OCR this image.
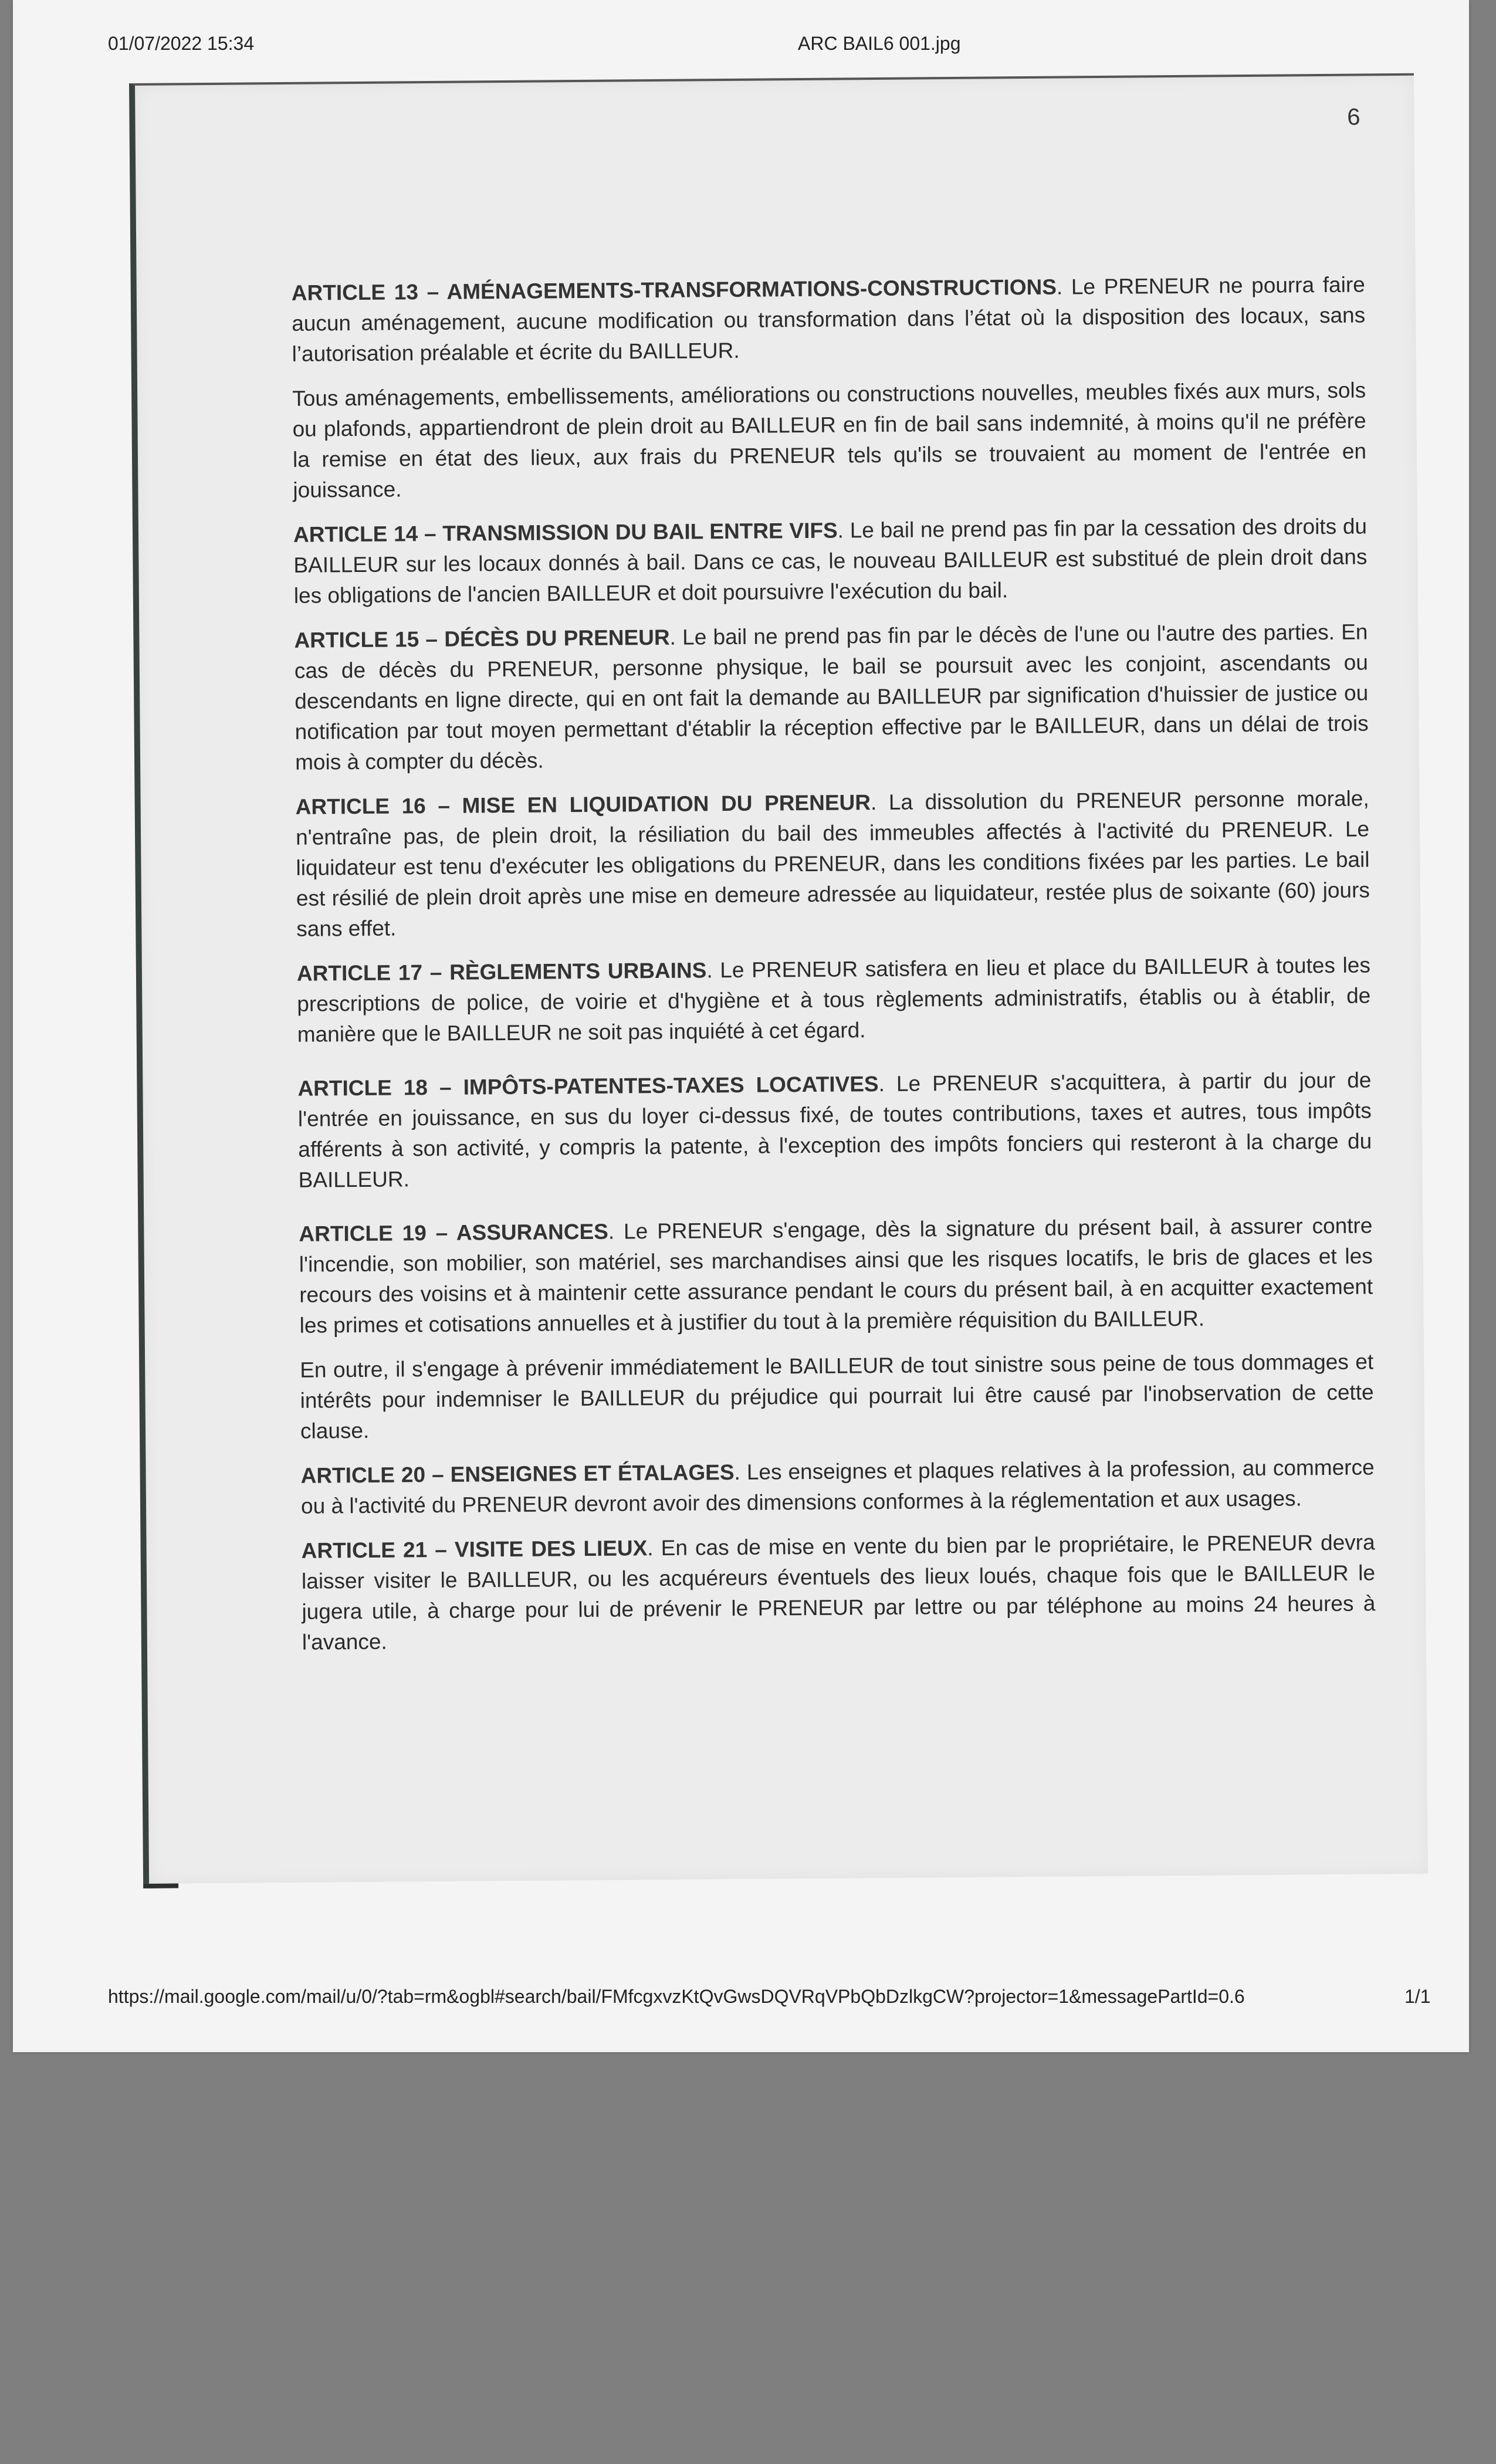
01/07/2022 15:34	ARC BAIL6 001.jpg
6

ARTICLE 13 – AMÉNAGEMENTS-TRANSFORMATIONS-CONSTRUCTIONS. Le PRENEUR ne pourra faire aucun aménagement, aucune modification ou transformation dans l’état où la disposition des locaux, sans l’autorisation préalable et écrite du BAILLEUR.

Tous aménagements, embellissements, améliorations ou constructions nouvelles, meubles fixés aux murs, sols ou plafonds, appartiendront de plein droit au BAILLEUR en fin de bail sans indemnité, à moins qu'il ne préfère la remise en état des lieux, aux frais du PRENEUR tels qu'ils se trouvaient au moment de l'entrée en jouissance.

ARTICLE 14 – TRANSMISSION DU BAIL ENTRE VIFS. Le bail ne prend pas fin par la cessation des droits du BAILLEUR sur les locaux donnés à bail. Dans ce cas, le nouveau BAILLEUR est substitué de plein droit dans les obligations de l'ancien BAILLEUR et doit poursuivre l'exécution du bail.

ARTICLE 15 – DÉCÈS DU PRENEUR. Le bail ne prend pas fin par le décès de l'une ou l'autre des parties. En cas de décès du PRENEUR, personne physique, le bail se poursuit avec les conjoint, ascendants ou descendants en ligne directe, qui en ont fait la demande au BAILLEUR par signification d'huissier de justice ou notification par tout moyen permettant d'établir la réception effective par le BAILLEUR, dans un délai de trois mois à compter du décès.

ARTICLE 16 – MISE EN LIQUIDATION DU PRENEUR. La dissolution du PRENEUR personne morale, n'entraîne pas, de plein droit, la résiliation du bail des immeubles affectés à l'activité du PRENEUR. Le liquidateur est tenu d'exécuter les obligations du PRENEUR, dans les conditions fixées par les parties. Le bail est résilié de plein droit après une mise en demeure adressée au liquidateur, restée plus de soixante (60) jours sans effet.

ARTICLE 17 – RÈGLEMENTS URBAINS. Le PRENEUR satisfera en lieu et place du BAILLEUR à toutes les prescriptions de police, de voirie et d'hygiène et à tous règlements administratifs, établis ou à établir, de manière que le BAILLEUR ne soit pas inquiété à cet égard.

ARTICLE 18 – IMPÔTS-PATENTES-TAXES LOCATIVES. Le PRENEUR s'acquittera, à partir du jour de l'entrée en jouissance, en sus du loyer ci-dessus fixé, de toutes contributions, taxes et autres, tous impôts afférents à son activité, y compris la patente, à l'exception des impôts fonciers qui resteront à la charge du BAILLEUR.

ARTICLE 19 – ASSURANCES. Le PRENEUR s'engage, dès la signature du présent bail, à assurer contre l'incendie, son mobilier, son matériel, ses marchandises ainsi que les risques locatifs, le bris de glaces et les recours des voisins et à maintenir cette assurance pendant le cours du présent bail, à en acquitter exactement les primes et cotisations annuelles et à justifier du tout à la première réquisition du BAILLEUR.

En outre, il s'engage à prévenir immédiatement le BAILLEUR de tout sinistre sous peine de tous dommages et intérêts pour indemniser le BAILLEUR du préjudice qui pourrait lui être causé par l'inobservation de cette clause.

ARTICLE 20 – ENSEIGNES ET ÉTALAGES. Les enseignes et plaques relatives à la profession, au commerce ou à l'activité du PRENEUR devront avoir des dimensions conformes à la réglementation et aux usages.

ARTICLE 21 – VISITE DES LIEUX. En cas de mise en vente du bien par le propriétaire, le PRENEUR devra laisser visiter le BAILLEUR, ou les acquéreurs éventuels des lieux loués, chaque fois que le BAILLEUR le jugera utile, à charge pour lui de prévenir le PRENEUR par lettre ou par téléphone au moins 24 heures à l'avance.

https://mail.google.com/mail/u/0/?tab=rm&ogbl#search/bail/FMfcgxvzKtQvGwsDQVRqVPbQbDzlkgCW?projector=1&messagePartId=0.6	1/1
